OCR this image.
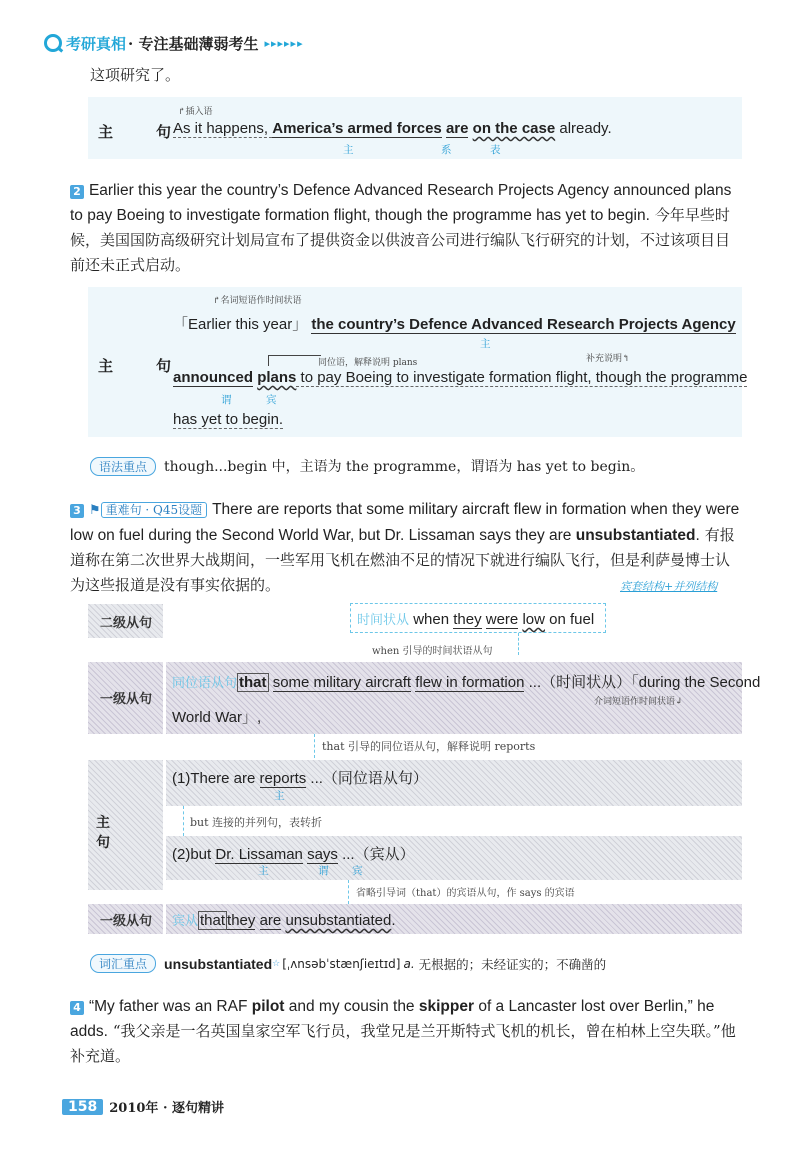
考研真相 · 专注基础薄弱考生 ▸▸▸▸▸▸
这项研究了。
主　句
↱插入语
As it happens, America’s armed forces are on the case already.
主	系	表
2 Earlier this year the country’s Defence Advanced Research Projects Agency announced plans to pay Boeing to investigate formation flight, though the programme has yet to begin. 今年早些时候，美国国防高级研究计划局宣布了提供资金以供波音公司进行编队飞行研究的计划，不过该项目目前还未正式启动。
主　句
↱名词短语作时间状语
「Earlier this year」 the country’s Defence Advanced Research Projects Agency
主
同位语，解释说明 plans	补充说明↰
announced plans to pay Boeing to investigate formation flight, though the programme
谓	宾
has yet to begin.
语法重点	though...begin 中，主语为 the programme，谓语为 has yet to begin。
3 ⚑ 重难句 · Q45设题 There are reports that some military aircraft flew in formation when they were low on fuel during the Second World War, but Dr. Lissaman says they are unsubstantiated. 有报道称在第二次世界大战期间，一些军用飞机在燃油不足的情况下就进行编队飞行，但是利萨曼博士认为这些报道是没有事实依据的。	宾套结构+并列结构
二级从句	时间状从 when they were low on fuel
when 引导的时间状语从句
一级从句
同位语从句 that some military aircraft flew in formation ...（时间状从）「during the Second
介词短语作时间状语↲
World War」,
that 引导的同位语从句，解释说明 reports
主　句
(1)There are reports ...（同位语从句）
主
but 连接的并列句，表转折
(2)but Dr. Lissaman says ...（宾从）
主	谓 宾
省略引导词（that）的宾语从句，作 says 的宾语
一级从句 宾从 that they are unsubstantiated.
词汇重点	unsubstantiated ☆ [ˌʌnsəbˈstænʃieɪtɪd] a. 无根据的；未经证实的；不确凿的
4 “My father was an RAF pilot and my cousin the skipper of a Lancaster lost over Berlin,” he adds. “我父亲是一名英国皇家空军飞行员，我堂兄是兰开斯特式飞机的机长，曾在柏林上空失联。”他补充道。
158 2010年 · 逐句精讲
